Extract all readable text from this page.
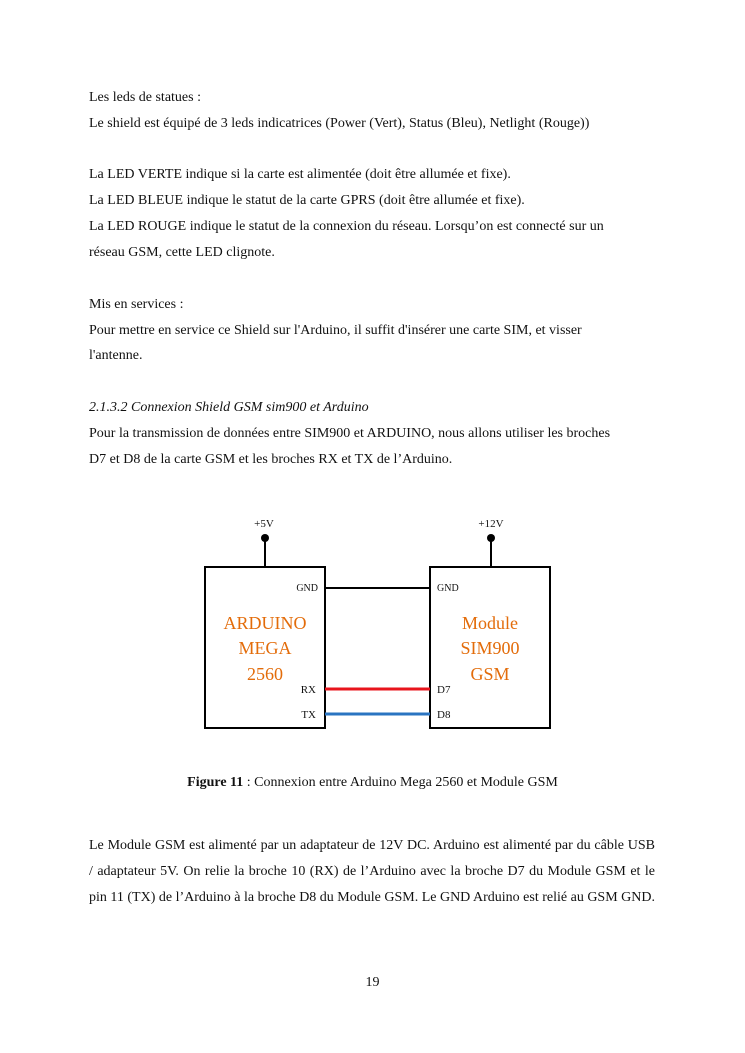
Les leds de statues :
Le shield est équipé de 3 leds indicatrices (Power (Vert), Status (Bleu), Netlight (Rouge))
La LED VERTE indique si la carte est alimentée (doit être allumée et fixe).
La LED BLEUE indique le statut de la carte GPRS (doit être allumée et fixe).
La LED ROUGE indique le statut de la connexion du réseau. Lorsqu’on est connecté sur un
réseau GSM, cette LED clignote.
Mis en services :
Pour mettre en service ce Shield sur l'Arduino, il suffit d'insérer une carte SIM, et visser
l'antenne.
2.1.3.2 Connexion Shield GSM sim900 et Arduino
Pour la transmission de données entre SIM900 et ARDUINO, nous allons utiliser les broches
D7 et D8 de la carte GSM et les broches RX et TX de l’Arduino.
+5V	+12V
ARDUINO
MEGA
2560
Module
SIM900
GSM
GND
RX
TX
GND
D7
D8
Figure 11 : Connexion entre Arduino Mega 2560 et Module GSM
Le Module GSM est alimenté par un adaptateur de 12V DC. Arduino est alimenté par du câble USB / adaptateur 5V. On relie la broche 10 (RX) de l’Arduino avec la broche D7 du Module GSM et le pin 11 (TX) de l’Arduino à la broche D8 du Module GSM. Le GND Arduino est relié au GSM GND.
19
